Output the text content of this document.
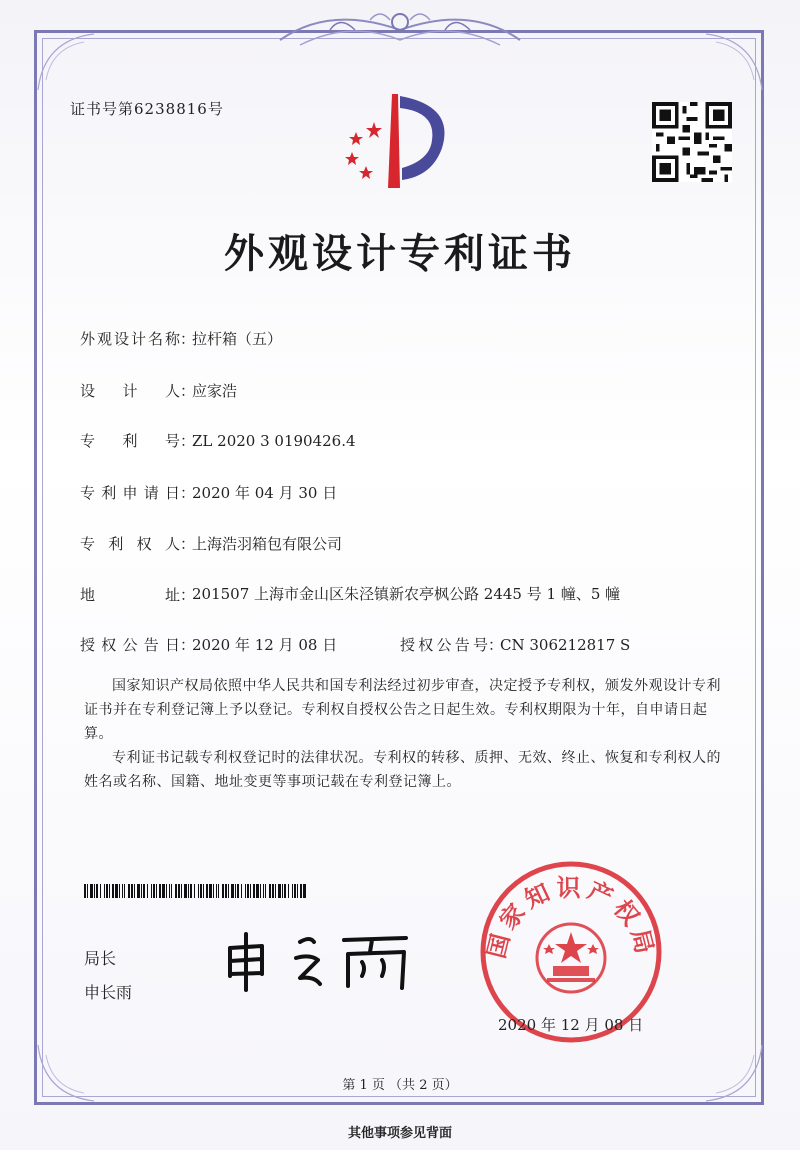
证书号第6238816号
外观设计专利证书
外观设计名称：拉杆箱（五）
设计人：应家浩
专利号：ZL 2020 3 0190426.4
专利申请日：2020 年 04 月 30 日
专利权人：上海浩羽箱包有限公司
地址：201507 上海市金山区朱泾镇新农亭枫公路 2445 号 1 幢、5 幢
授权公告日：2020 年 12 月 08 日	授权公告号：CN 306212817 S
国家知识产权局依照中华人民共和国专利法经过初步审查，决定授予专利权，颁发外观设计专利证书并在专利登记簿上予以登记。专利权自授权公告之日起生效。专利权期限为十年，自申请日起算。
专利证书记载专利权登记时的法律状况。专利权的转移、质押、无效、终止、恢复和专利权人的姓名或名称、国籍、地址变更等事项记载在专利登记簿上。
局长
申长雨
国家知识产权局
2020 年 12 月 08 日
第 1 页 （共 2 页）
其他事项参见背面
